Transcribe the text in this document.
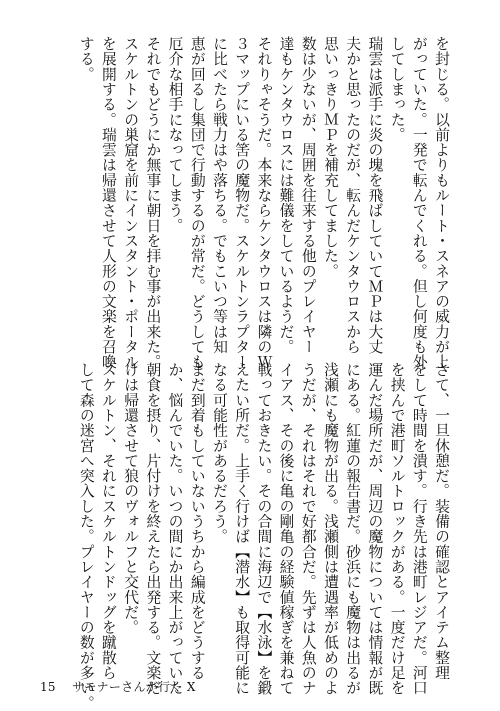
を封じる。以前よりもルート・スネアの威力が上
がっていた。一発で転んでくれる。但し何度も外
してしまった。
瑞雲は派手に炎の塊を飛ばしていてＭＰは大丈
夫かと思ったのだが、転んだケンタウロスから
思いっきりＭＰを補充してました。
数は少ないが、周囲を往来する他のプレイヤー
達もケンタウロスには難儀をしているようだ。
それりゃそうだ。本来ならケンタウロスは隣のＷ
３マップにいる筈の魔物だ。スケルトンラプター
に比べたら戦力はや落ちる。でもこいつ等は知
恵が回るし集団で行動するのが常だ。どうしても
厄介な相手になってしまう。
それでもどうにか無事に朝日を拝む事が出来た。
スケルトンの巣窟を前にインスタント・ポータル
を展開する。瑞雲は帰還させて人形の文楽を召喚
する。
さて、一旦休憩だ。装備の確認とアイテム整理
をして時間を潰す。行き先は港町レジアだ。河口
を挟んで港町ソルトロックがある。一度だけ足を
運んだ場所だが、周辺の魔物については情報が既
にある。紅蓮の報告書だ。砂浜にも魔物は出るが
浅瀬にも魔物が出る。浅瀬側は遭遇率が低めのよ
うだが、それはそれで好都合だ。先ずは人魚のナ
イアス、その後に亀の剛亀の経験値稼ぎを兼ねて
戦っておきたい。その合間に海辺で【水泳】を鍛
えたい所だ。上手く行けば【潜水】も取得可能に
なる可能性があるだろう。
まだ到着もしていないうちから編成をどうする
か、悩んでいた。いつの間にか出来上がっていた
朝食を摂り、片付けを終えたら出発する。文楽だ
けは帰還させて狼のヴォルフと交代だ。
スケルトン、それにスケルトンドッグを蹴散ら
して森の迷宮へ突入した。プレイヤーの数が多い。
15 サモナーさんが行く X
